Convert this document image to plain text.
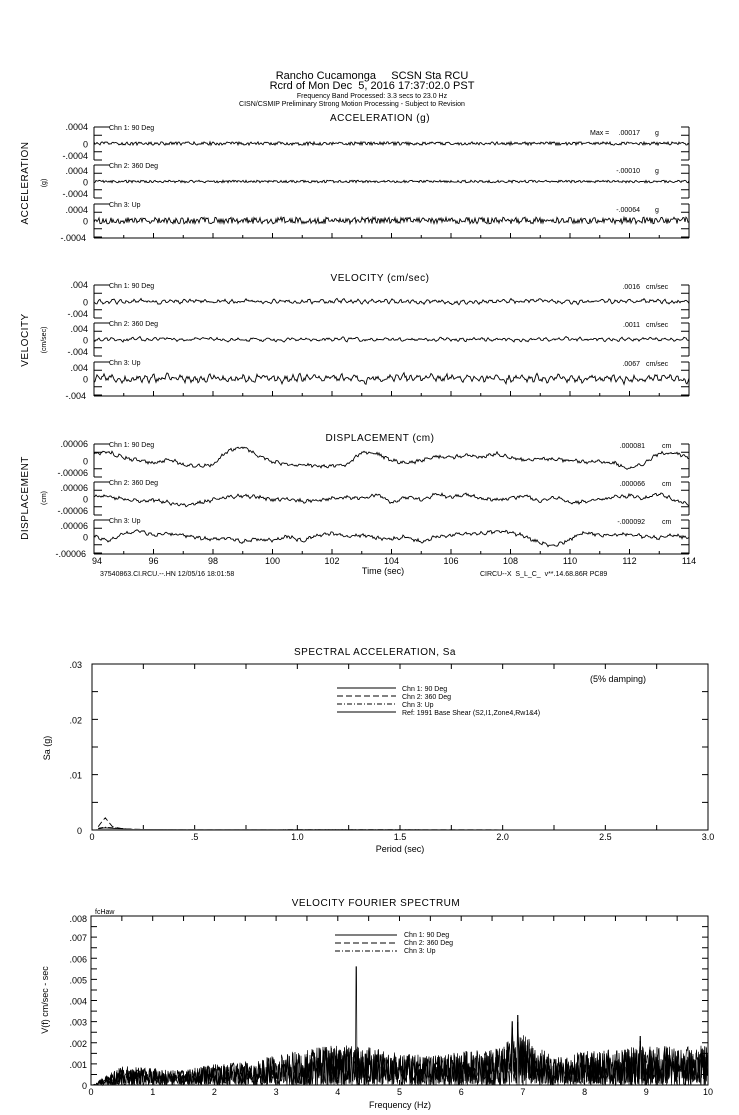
Rancho Cucamonga     SCSN Sta RCU
Rcrd of Mon Dec  5, 2016 17:37:02.0 PST
Frequency Band Processed: 3.3 secs to 23.0 Hz
CISN/CSMIP Preliminary Strong Motion Processing - Subject to Revision
37540863.CI.RCU.--.HN 12/05/16 18:01:58	CIRCU--X  S_L_C_  v**.14.68.86R PC89
ACCELERATION (g)
ACCELERATION (g)
.0004
0
-.0004
Chn 1: 90 Deg
Max = .00017 g
.0004
0
-.0004
Chn 2: 360 Deg
-.00010 g
.0004
0
-.0004
Chn 3: Up
-.00064 g
VELOCITY (cm/sec)
VELOCITY (cm/sec)
.004
0
-.004
Chn 1: 90 Deg	.0016 cm/sec
.004
0
-.004
Chn 2: 360 Deg	.0011 cm/sec
.004
0
-.004
Chn 3: Up	.0067 cm/sec
DISPLACEMENT (cm)
DISPLACEMENT (cm)
.00006
0
-.00006
Chn 1: 90 Deg	.000081 cm
.00006
0
-.00006
Chn 2: 360 Deg	.000066 cm
.00006
0
-.00006
Chn 3: Up	-.000092 cm
94	96	98	100	102	104	106	108	110	112	114
Time (sec)
SPECTRAL ACCELERATION, Sa
0	.5	1.0	1.5	2.0	2.5	3.0
0
.01
.02
.03
Period (sec)
Sa (g)
(5% damping)
Chn 1: 90 Deg
Chn 2: 360 Deg
Chn 3: Up
Ref: 1991 Base Shear (S2,I1,Zone4,Rw1&4)
VELOCITY FOURIER SPECTRUM
fcHaw
0	1	2	3	4	5	6	7	8	9	10
0
.001
.002
.003
.004
.005
.006
.007
.008
Frequency (Hz)
V(f) cm/sec - sec
Chn 1: 90 Deg
Chn 2: 360 Deg
Chn 3: Up
